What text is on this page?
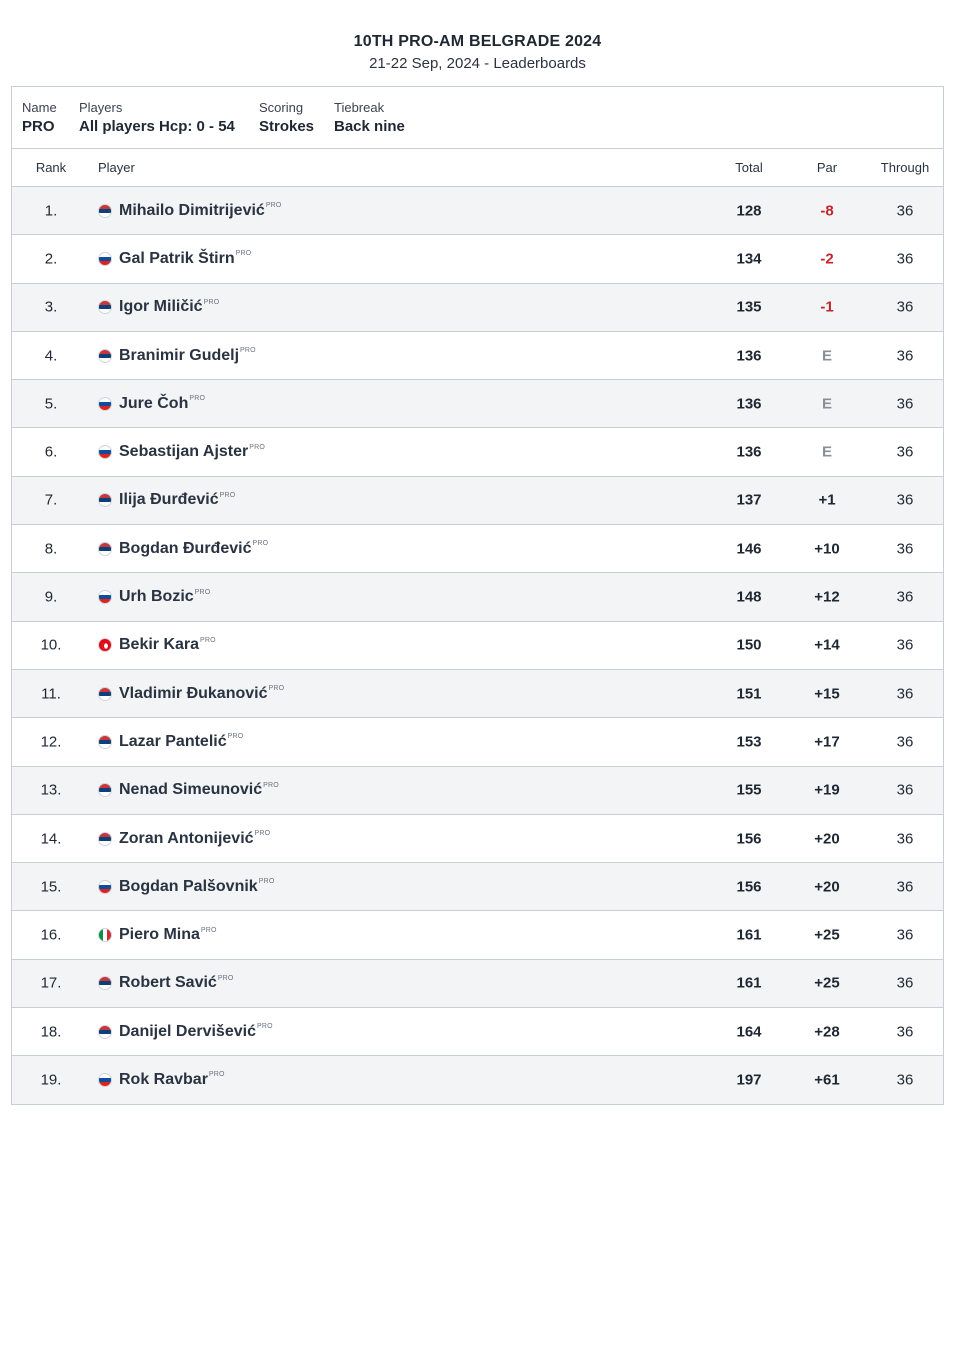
10TH PRO-AM BELGRADE 2024
21-22 Sep, 2024 - Leaderboards
Name
PRO
Players
All players Hcp: 0 - 54
Scoring
Strokes
Tiebreak
Back nine
Rank	Player	Total	Par	Through
1.	Mihailo Dimitrijević PRO	128	-8	36
2.	Gal Patrik Štirn PRO	134	-2	36
3.	Igor Miličić PRO	135	-1	36
4.	Branimir Gudelj PRO	136	E	36
5.	Jure Čoh PRO	136	E	36
6.	Sebastijan Ajster PRO	136	E	36
7.	Ilija Đurđević PRO	137	+1	36
8.	Bogdan Đurđević PRO	146	+10	36
9.	Urh Bozic PRO	148	+12	36
10.	Bekir Kara PRO	150	+14	36
11.	Vladimir Đukanović PRO	151	+15	36
12.	Lazar Pantelić PRO	153	+17	36
13.	Nenad Simeunović PRO	155	+19	36
14.	Zoran Antonijević PRO	156	+20	36
15.	Bogdan Palšovnik PRO	156	+20	36
16.	Piero Mina PRO	161	+25	36
17.	Robert Savić PRO	161	+25	36
18.	Danijel Dervišević PRO	164	+28	36
19.	Rok Ravbar PRO	197	+61	36
